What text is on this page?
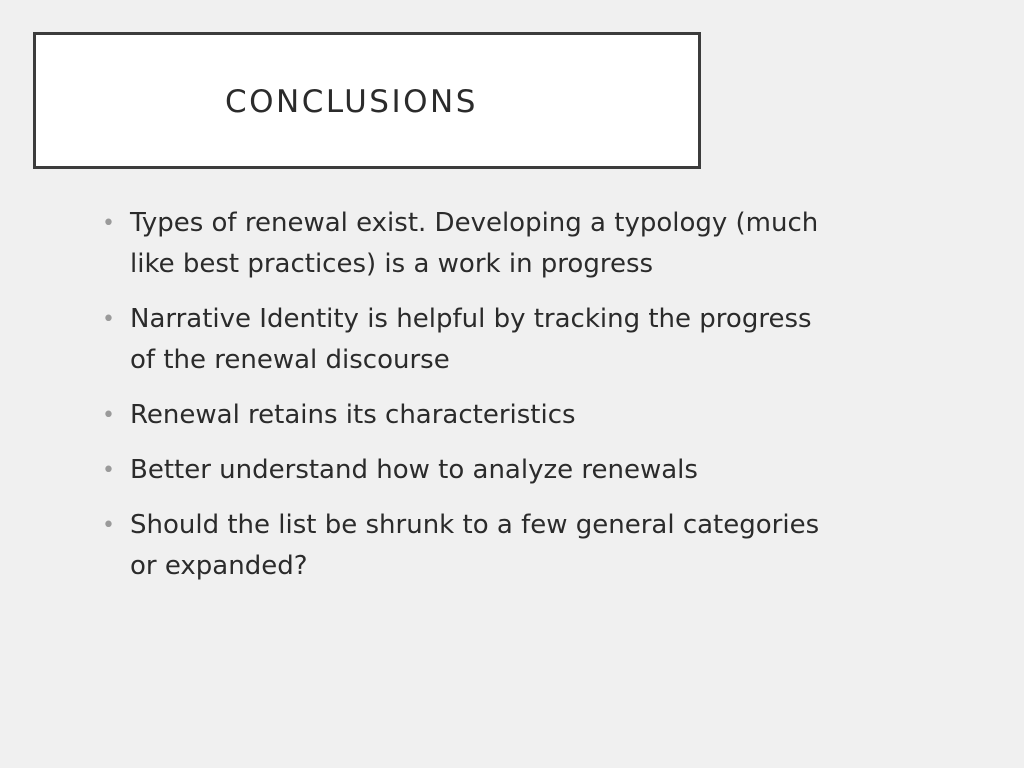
CONCLUSIONS
• Types of renewal exist. Developing a typology (much like best practices) is a work in progress
• Narrative Identity is helpful by tracking the progress of the renewal discourse
• Renewal retains its characteristics
• Better understand how to analyze renewals
• Should the list be shrunk to a few general categories or expanded?
